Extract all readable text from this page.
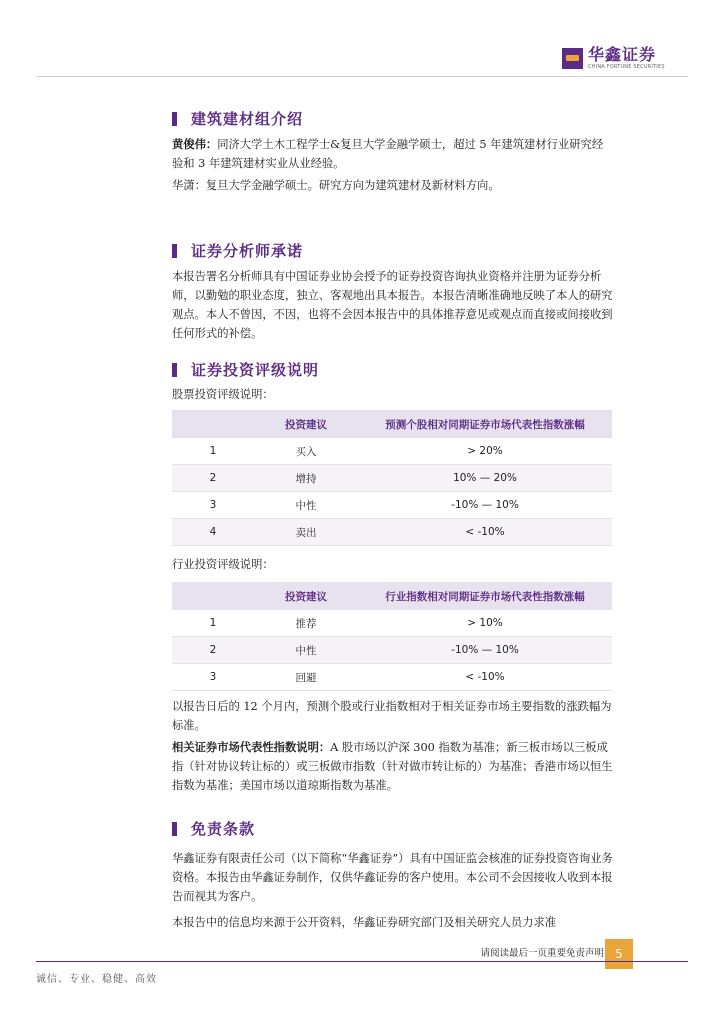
华鑫证券
CHINA FORTUNE SECURITIES
建筑建材组介绍

黄俊伟：同济大学土木工程学士&复旦大学金融学硕士，超过 5 年建筑建材行业研究经验和 3 年建筑建材实业从业经验。

华潇：复旦大学金融学硕士。研究方向为建筑建材及新材料方向。

证券分析师承诺

本报告署名分析师具有中国证券业协会授予的证券投资咨询执业资格并注册为证券分析师，以勤勉的职业态度，独立、客观地出具本报告。本报告清晰准确地反映了本人的研究观点。本人不曾因，不因，也将不会因本报告中的具体推荐意见或观点而直接或间接收到任何形式的补偿。

证券投资评级说明

股票投资评级说明：

	投资建议	预测个股相对同期证券市场代表性指数涨幅
1	买入	> 20%
2	增持	10% — 20%
3	中性	-10% — 10%
4	卖出	< -10%

行业投资评级说明：

	投资建议	行业指数相对同期证券市场代表性指数涨幅
1	推荐	> 10%
2	中性	-10% — 10%
3	回避	< -10%

以报告日后的 12 个月内，预测个股或行业指数相对于相关证券市场主要指数的涨跌幅为标准。

相关证券市场代表性指数说明：A 股市场以沪深 300 指数为基准；新三板市场以三板成指（针对协议转让标的）或三板做市指数（针对做市转让标的）为基准；香港市场以恒生指数为基准；美国市场以道琼斯指数为基准。

免责条款

华鑫证券有限责任公司（以下简称“华鑫证券”）具有中国证监会核准的证券投资咨询业务资格。本报告由华鑫证券制作，仅供华鑫证券的客户使用。本公司不会因接收人收到本报告而视其为客户。

本报告中的信息均来源于公开资料，华鑫证券研究部门及相关研究人员力求准

请阅读最后一页重要免责声明 5
诚信、专业、稳健、高效
